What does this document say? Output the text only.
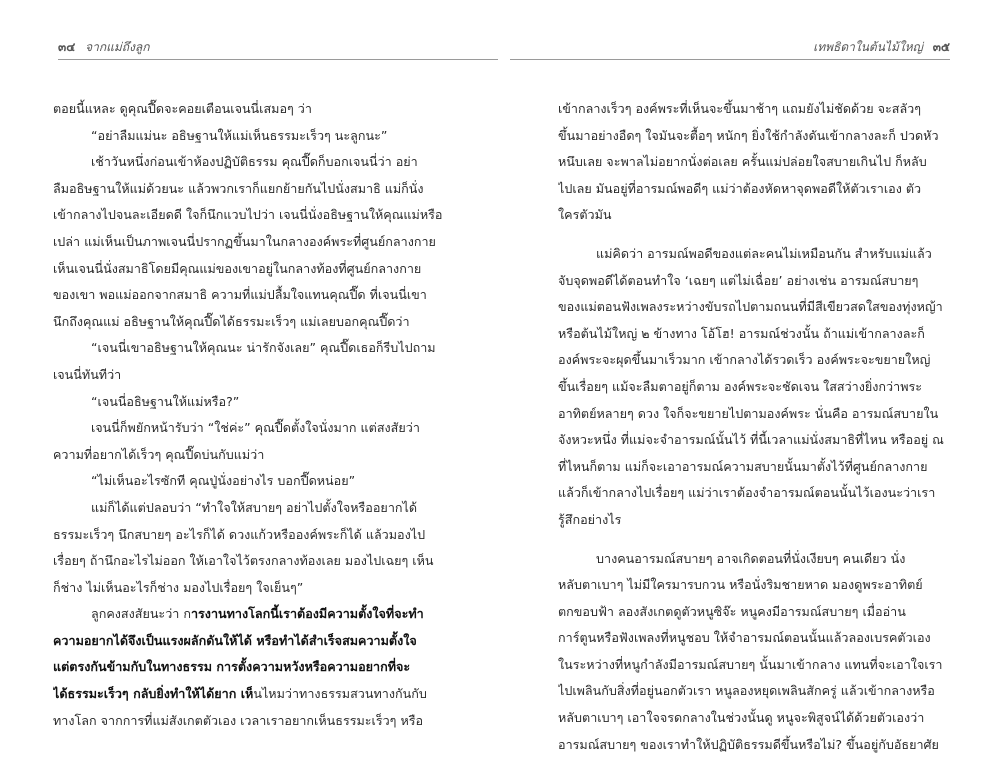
๓๔ จากแม่ถึงลูก

ตอยนี้แหละ ดูคุณปี๊ดจะคอยเตือนเจนนี่เสมอๆ ว่า

“อย่าลืมแม่นะ อธิษฐานให้แม่เห็นธรรมะเร็วๆ นะลูกนะ”

เช้าวันหนึ่งก่อนเข้าห้องปฏิบัติธรรม คุณปี๊ดก็บอกเจนนี่ว่า อย่า

ลืมอธิษฐานให้แม่ด้วยนะ แล้วพวกเราก็แยกย้ายกันไปนั่งสมาธิ แม่ก็นั่ง

เข้ากลางไปจนละเอียดดี ใจก็นึกแวบไปว่า เจนนี่นั่งอธิษฐานให้คุณแม่หรือ

เปล่า แม่เห็นเป็นภาพเจนนี่ปรากฏขึ้นมาในกลางองค์พระที่ศูนย์กลางกาย

เห็นเจนนี่นั่งสมาธิโดยมีคุณแม่ของเขาอยู่ในกลางท้องที่ศูนย์กลางกาย

ของเขา พอแม่ออกจากสมาธิ ความที่แม่ปลื้มใจแทนคุณปี๊ด ที่เจนนี่เขา

นึกถึงคุณแม่ อธิษฐานให้คุณปี๊ดได้ธรรมะเร็วๆ แม่เลยบอกคุณปี๊ดว่า

“เจนนี่เขาอธิษฐานให้คุณนะ น่ารักจังเลย” คุณปี๊ดเธอก็รีบไปถาม

เจนนี่ทันทีว่า

“เจนนี่อธิษฐานให้แม่หรือ?”

เจนนี่ก็พยักหน้ารับว่า “ใช่ค่ะ” คุณปี๊ดตั้งใจนั่งมาก แต่สงสัยว่า

ความที่อยากได้เร็วๆ คุณปี๊ดบ่นกับแม่ว่า

“ไม่เห็นอะไรซักที คุณปู่นั่งอย่างไร บอกปี๊ดหน่อย”

แม่ก็ได้แต่ปลอบว่า “ทำใจให้สบายๆ อย่าไปตั้งใจหรืออยากได้

ธรรมะเร็วๆ นึกสบายๆ อะไรก็ได้ ดวงแก้วหรือองค์พระก็ได้ แล้วมองไป

เรื่อยๆ ถ้านึกอะไรไม่ออก ให้เอาใจไว้ตรงกลางท้องเลย มองไปเฉยๆ เห็น

ก็ช่าง ไม่เห็นอะไรก็ช่าง มองไปเรื่อยๆ ใจเย็นๆ”

ลูกคงสงสัยนะว่า การงานทางโลกนี้เราต้องมีความตั้งใจที่จะทำ

ความอยากได้จึงเป็นแรงผลักดันให้ได้ หรือทำได้สำเร็จสมความตั้งใจ

แต่ตรงกันข้ามกับในทางธรรม การตั้งความหวังหรือความอยากที่จะ

ได้ธรรมะเร็วๆ กลับยิ่งทำให้ได้ยาก เห็นไหมว่าทางธรรมสวนทางกันกับ

ทางโลก จากการที่แม่สังเกตตัวเอง เวลาเราอยากเห็นธรรมะเร็วๆ หรือ

เทพธิดาในต้นไม้ใหญ่ ๓๕

เข้ากลางเร็วๆ องค์พระที่เห็นจะขึ้นมาช้าๆ แถมยังไม่ชัดด้วย จะสลัวๆ

ขึ้นมาอย่างอืดๆ ใจมันจะตื้อๆ หนักๆ ยิ่งใช้กำลังดันเข้ากลางละก็ ปวดหัว

หนึบเลย จะพาลไม่อยากนั่งต่อเลย ครั้นแม่ปล่อยใจสบายเกินไป ก็หลับ

ไปเลย มันอยู่ที่อารมณ์พอดีๆ แม่ว่าต้องหัดหาจุดพอดีให้ตัวเราเอง ตัว

ใครตัวมัน

แม่คิดว่า อารมณ์พอดีของแต่ละคนไม่เหมือนกัน สำหรับแม่แล้ว

จับจุดพอดีได้ตอนทำใจ ‘เฉยๆ แต่ไม่เฉื่อย’ อย่างเช่น อารมณ์สบายๆ

ของแม่ตอนฟังเพลงระหว่างขับรถไปตามถนนที่มีสีเขียวสดใสของทุ่งหญ้า

หรือต้นไม้ใหญ่ ๒ ข้างทาง โอ้โฮ! อารมณ์ช่วงนั้น ถ้าแม่เข้ากลางละก็

องค์พระจะผุดขึ้นมาเร็วมาก เข้ากลางได้รวดเร็ว องค์พระจะขยายใหญ่

ขึ้นเรื่อยๆ แม้จะลืมตาอยู่ก็ตาม องค์พระจะชัดเจน ใสสว่างยิ่งกว่าพระ

อาทิตย์หลายๆ ดวง ใจก็จะขยายไปตามองค์พระ นั่นคือ อารมณ์สบายใน

จังหวะหนึ่ง ที่แม่จะจำอารมณ์นั้นไว้ ที่นี้เวลาแม่นั่งสมาธิที่ไหน หรืออยู่ ณ

ที่ไหนก็ตาม แม่ก็จะเอาอารมณ์ความสบายนั้นมาตั้งไว้ที่ศูนย์กลางกาย

แล้วก็เข้ากลางไปเรื่อยๆ แม่ว่าเราต้องจำอารมณ์ตอนนั้นไว้เองนะว่าเรา

รู้สึกอย่างไร

บางคนอารมณ์สบายๆ อาจเกิดตอนที่นั่งเงียบๆ คนเดียว นั่ง

หลับตาเบาๆ ไม่มีใครมารบกวน หรือนั่งริมชายหาด มองดูพระอาทิตย์

ตกขอบฟ้า ลองสังเกตดูตัวหนูซิจ๊ะ หนูคงมีอารมณ์สบายๆ เมื่ออ่าน

การ์ตูนหรือฟังเพลงที่หนูชอบ ให้จำอารมณ์ตอนนั้นแล้วลองเบรคตัวเอง

ในระหว่างที่หนูกำลังมีอารมณ์สบายๆ นั้นมาเข้ากลาง แทนที่จะเอาใจเรา

ไปเพลินกับสิ่งที่อยู่นอกตัวเรา หนูลองหยุดเพลินสักครู่ แล้วเข้ากลางหรือ

หลับตาเบาๆ เอาใจจรดกลางในช่วงนั้นดู หนูจะพิสูจน์ได้ด้วยตัวเองว่า

อารมณ์สบายๆ ของเราทำให้ปฏิบัติธรรมดีขึ้นหรือไม่? ขึ้นอยู่กับอัธยาศัย
